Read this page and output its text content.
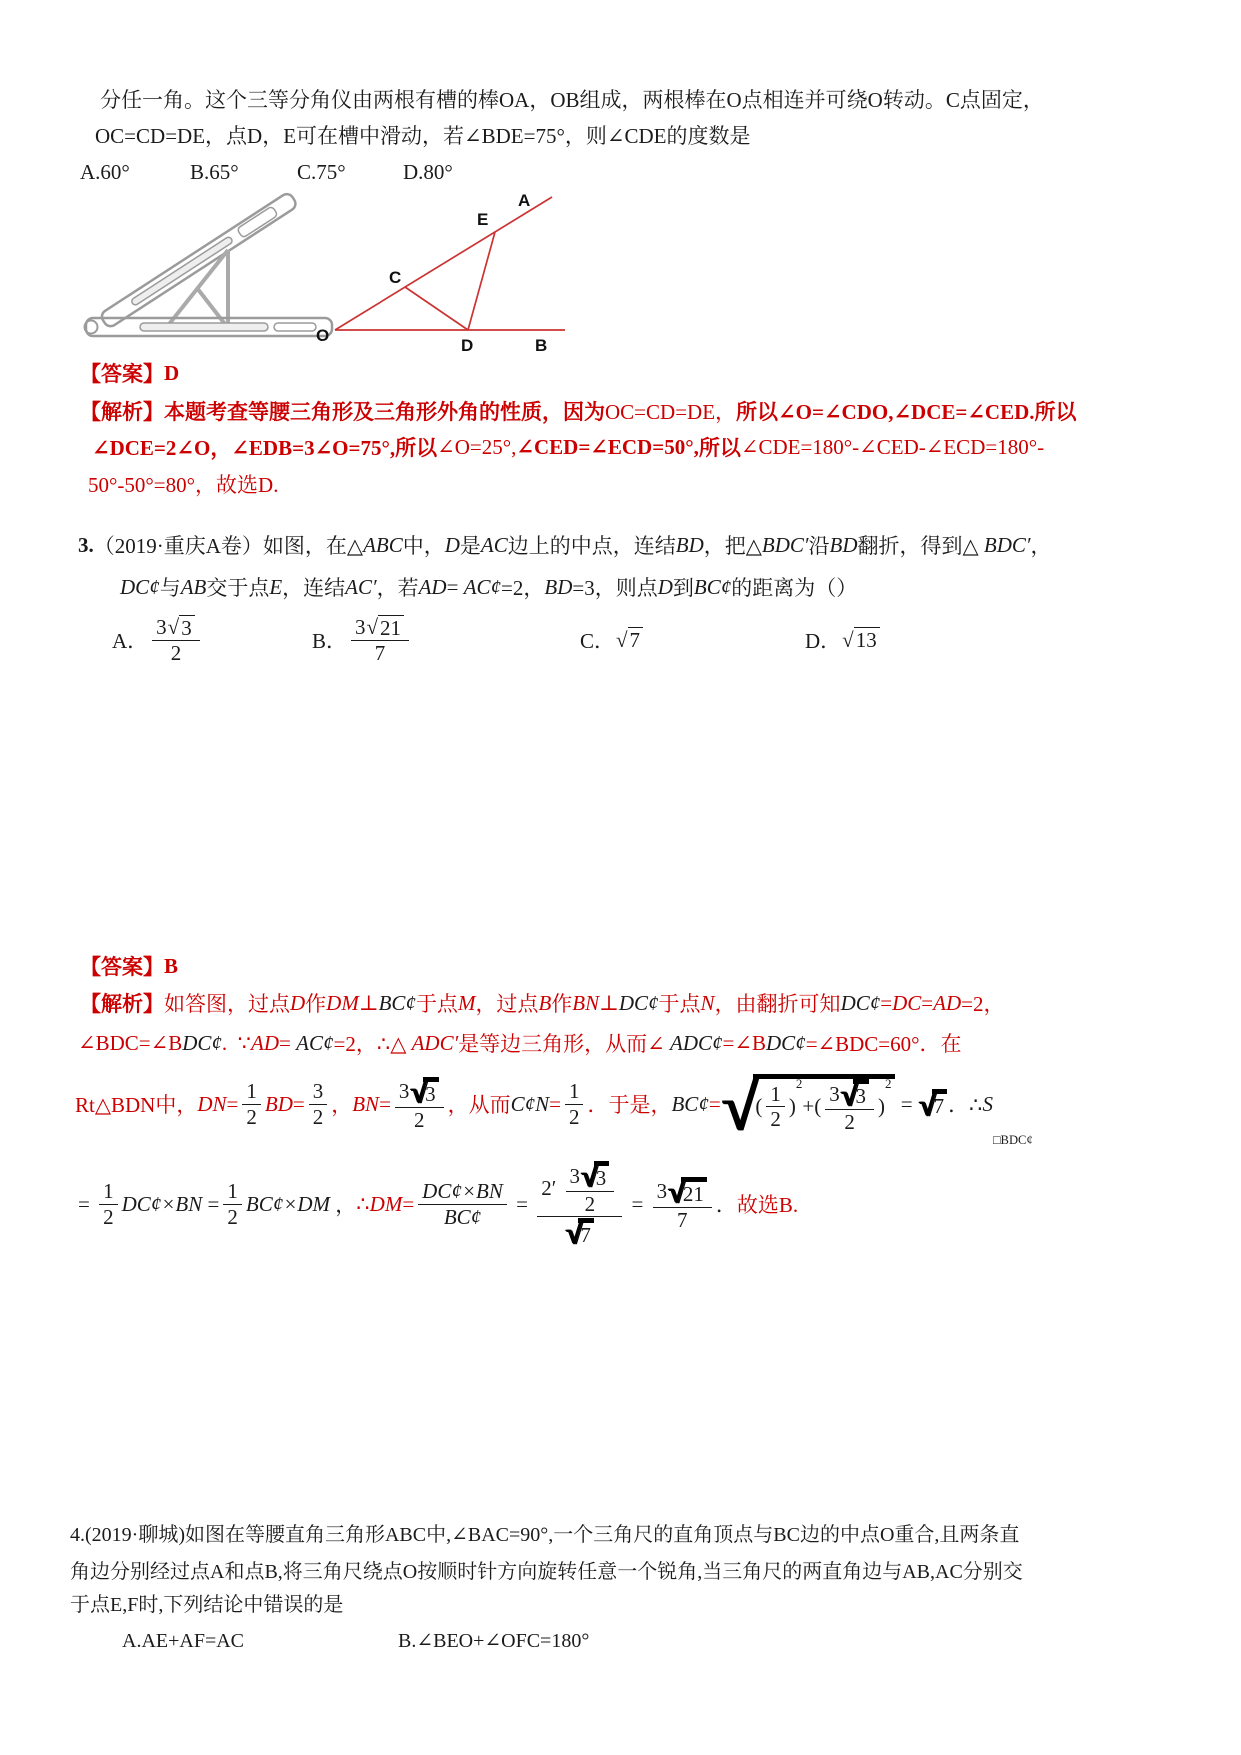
分任一角。这个三等分角仪由两根有槽的棒OA，OB组成，两根棒在O点相连并可绕O转动。C点固定，
OC=CD=DE，点D，E可在槽中滑动，若∠BDE=75°，则∠CDE的度数是
A.60°	B.65°	C.75°	D.80°
A
E
C
O
D	B
【答案】 D
【解析】 本题考查等腰三角形及三角形外角的性质，因为 OC=CD=DE， 所以 ∠O=∠CDO,∠DCE=∠CED.所以
∠DCE=2∠O，∠EDB=3∠O=75°, 所以 ∠O=25°, ∠CED=∠ECD=50°, 所以 ∠CDE=180°-∠CED-∠ECD=180°-
50°-50°=80°，故选D.
3. （2019·重庆A卷）如图，在△ ABC 中， D 是 AC 边上的中点，连结 BD ，把△ BDC′ 沿 BD 翻折，得到△ BDC′ ，
DC¢ 与 AB 交于点 E ，连结 AC′ ，若 AD = AC¢ =2， BD =3，则点 D 到 BC¢ 的距离为（）
A． $\frac{3 √ 3}{2}$	B． $\frac{3 √ 21}{7}$	C． √ 7	D． √ 13
【答案】 B
【解析】 如答图，过点 D 作 DM ⊥ BC¢ 于点 M ，过点 B 作 BN ⊥ DC¢ 于点 N ，由翻折可知 DC¢ = DC = AD =2，
∠BDC=∠B DC¢ .  ∵ AD = AC¢ =2，∴△ ADC′ 是等边三角形，从而∠ ADC¢ =∠B DC¢ =∠BDC=60°．在
Rt△BDN中， DN = $\frac{1}{2}$ BD = $\frac{3}{2}$ ， BN = 3 √
3
2 ，从而 C¢N = $\frac{1}{2}$ ．于是， BC¢ = √
( $\frac{1}{2}$ )
2
+( 3 √
3
2 )
2
= √
7 ．∴ S
□BDC¢
= $\frac{1}{2}$ DC¢×BN = $\frac{1}{2}$ BC¢×DM ， ∴DM = $\frac{DC¢\times BN}{BC¢} = 2'$ 3 √
3
2
√
7 = 3 √
21
7 ． 故选B.
4.(2019·聊城)如图在等腰直角三角形ABC中,∠BAC=90°,一个三角尺的直角顶点与BC边的中点O重合,且两条直
角边分别经过点A和点B,将三角尺绕点O按顺时针方向旋转任意一个锐角,当三角尺的两直角边与AB,AC分别交
于点E,F时,下列结论中错误的是
A.AE+AF=AC	B.∠BEO+∠OFC=180°
